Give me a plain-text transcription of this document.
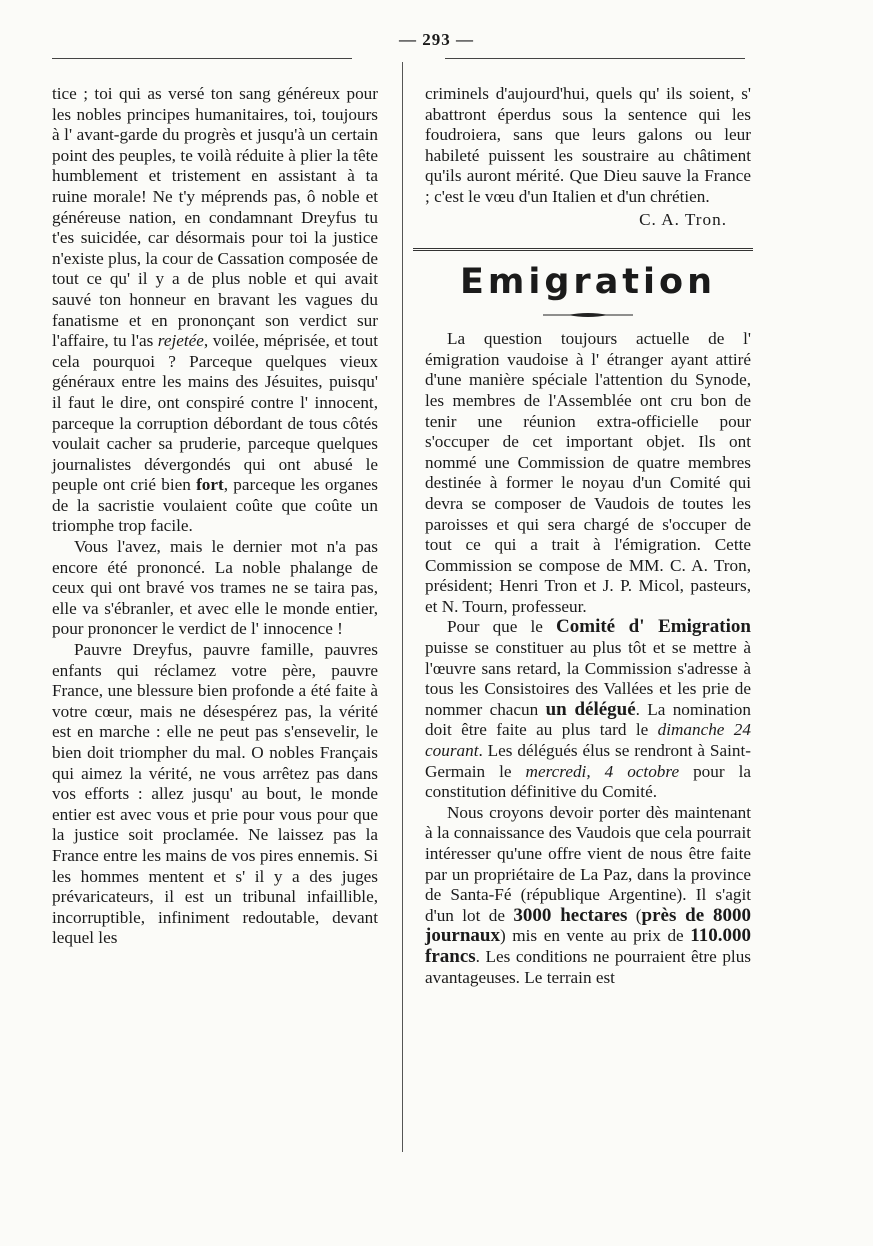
— 293 —

tice ; toi qui as versé ton sang généreux pour les nobles principes humanitaires, toi, toujours à l' avant-garde du progrès et jusqu'à un certain point des peuples, te voilà réduite à plier la tête humblement et tristement en assistant à ta ruine morale! Ne t'y méprends pas, ô noble et généreuse nation, en condamnant Dreyfus tu t'es suicidée, car désormais pour toi la justice n'existe plus, la cour de Cassation composée de tout ce qu' il y a de plus noble et qui avait sauvé ton honneur en bravant les vagues du fanatisme et en prononçant son verdict sur l'affaire, tu l'as rejetée, voilée, méprisée, et tout cela pourquoi ? Parceque quelques vieux généraux entre les mains des Jésuites, puisqu' il faut le dire, ont conspiré contre l' innocent, parceque la corruption débordant de tous côtés voulait cacher sa pruderie, parceque quelques journalistes dévergondés qui ont abusé le peuple ont crié bien fort, parceque les organes de la sacristie voulaient coûte que coûte un triomphe trop facile.

Vous l'avez, mais le dernier mot n'a pas encore été prononcé. La noble phalange de ceux qui ont bravé vos trames ne se taira pas, elle va s'ébranler, et avec elle le monde entier, pour prononcer le verdict de l' innocence !

Pauvre Dreyfus, pauvre famille, pauvres enfants qui réclamez votre père, pauvre France, une blessure bien profonde a été faite à votre cœur, mais ne désespérez pas, la vérité est en marche : elle ne peut pas s'ensevelir, le bien doit triompher du mal. O nobles Français qui aimez la vérité, ne vous arrêtez pas dans vos efforts : allez jusqu' au bout, le monde entier est avec vous et prie pour vous pour que la justice soit proclamée. Ne laissez pas la France entre les mains de vos pires ennemis. Si les hommes mentent et s' il y a des juges prévaricateurs, il est un tribunal infaillible, incorruptible, infiniment redoutable, devant lequel les

criminels d'aujourd'hui, quels qu' ils soient, s' abattront éperdus sous la sentence qui les foudroiera, sans que leurs galons ou leur habileté puissent les soustraire au châtiment qu'ils auront mérité. Que Dieu sauve la France ; c'est le vœu d'un Italien et d'un chrétien.

C. A. Tron.

Emigration

La question toujours actuelle de l' émigration vaudoise à l' étranger ayant attiré d'une manière spéciale l'attention du Synode, les membres de l'Assemblée ont cru bon de tenir une réunion extra-officielle pour s'occuper de cet important objet. Ils ont nommé une Commission de quatre membres destinée à former le noyau d'un Comité qui devra se composer de Vaudois de toutes les paroisses et qui sera chargé de s'occuper de tout ce qui a trait à l'émigration. Cette Commission se compose de MM. C. A. Tron, président; Henri Tron et J. P. Micol, pasteurs, et N. Tourn, professeur.

Pour que le Comité d' Emigration puisse se constituer au plus tôt et se mettre à l'œuvre sans retard, la Commission s'adresse à tous les Consistoires des Vallées et les prie de nommer chacun un délégué. La nomination doit être faite au plus tard le dimanche 24 courant. Les délégués élus se rendront à Saint-Germain le mercredi, 4 octobre pour la constitution définitive du Comité.

Nous croyons devoir porter dès maintenant à la connaissance des Vaudois que cela pourrait intéresser qu'une offre vient de nous être faite par un propriétaire de La Paz, dans la province de Santa-Fé (république Argentine). Il s'agit d'un lot de 3000 hectares (près de 8000 journaux) mis en vente au prix de 110.000 francs. Les conditions ne pourraient être plus avantageuses. Le terrain est
